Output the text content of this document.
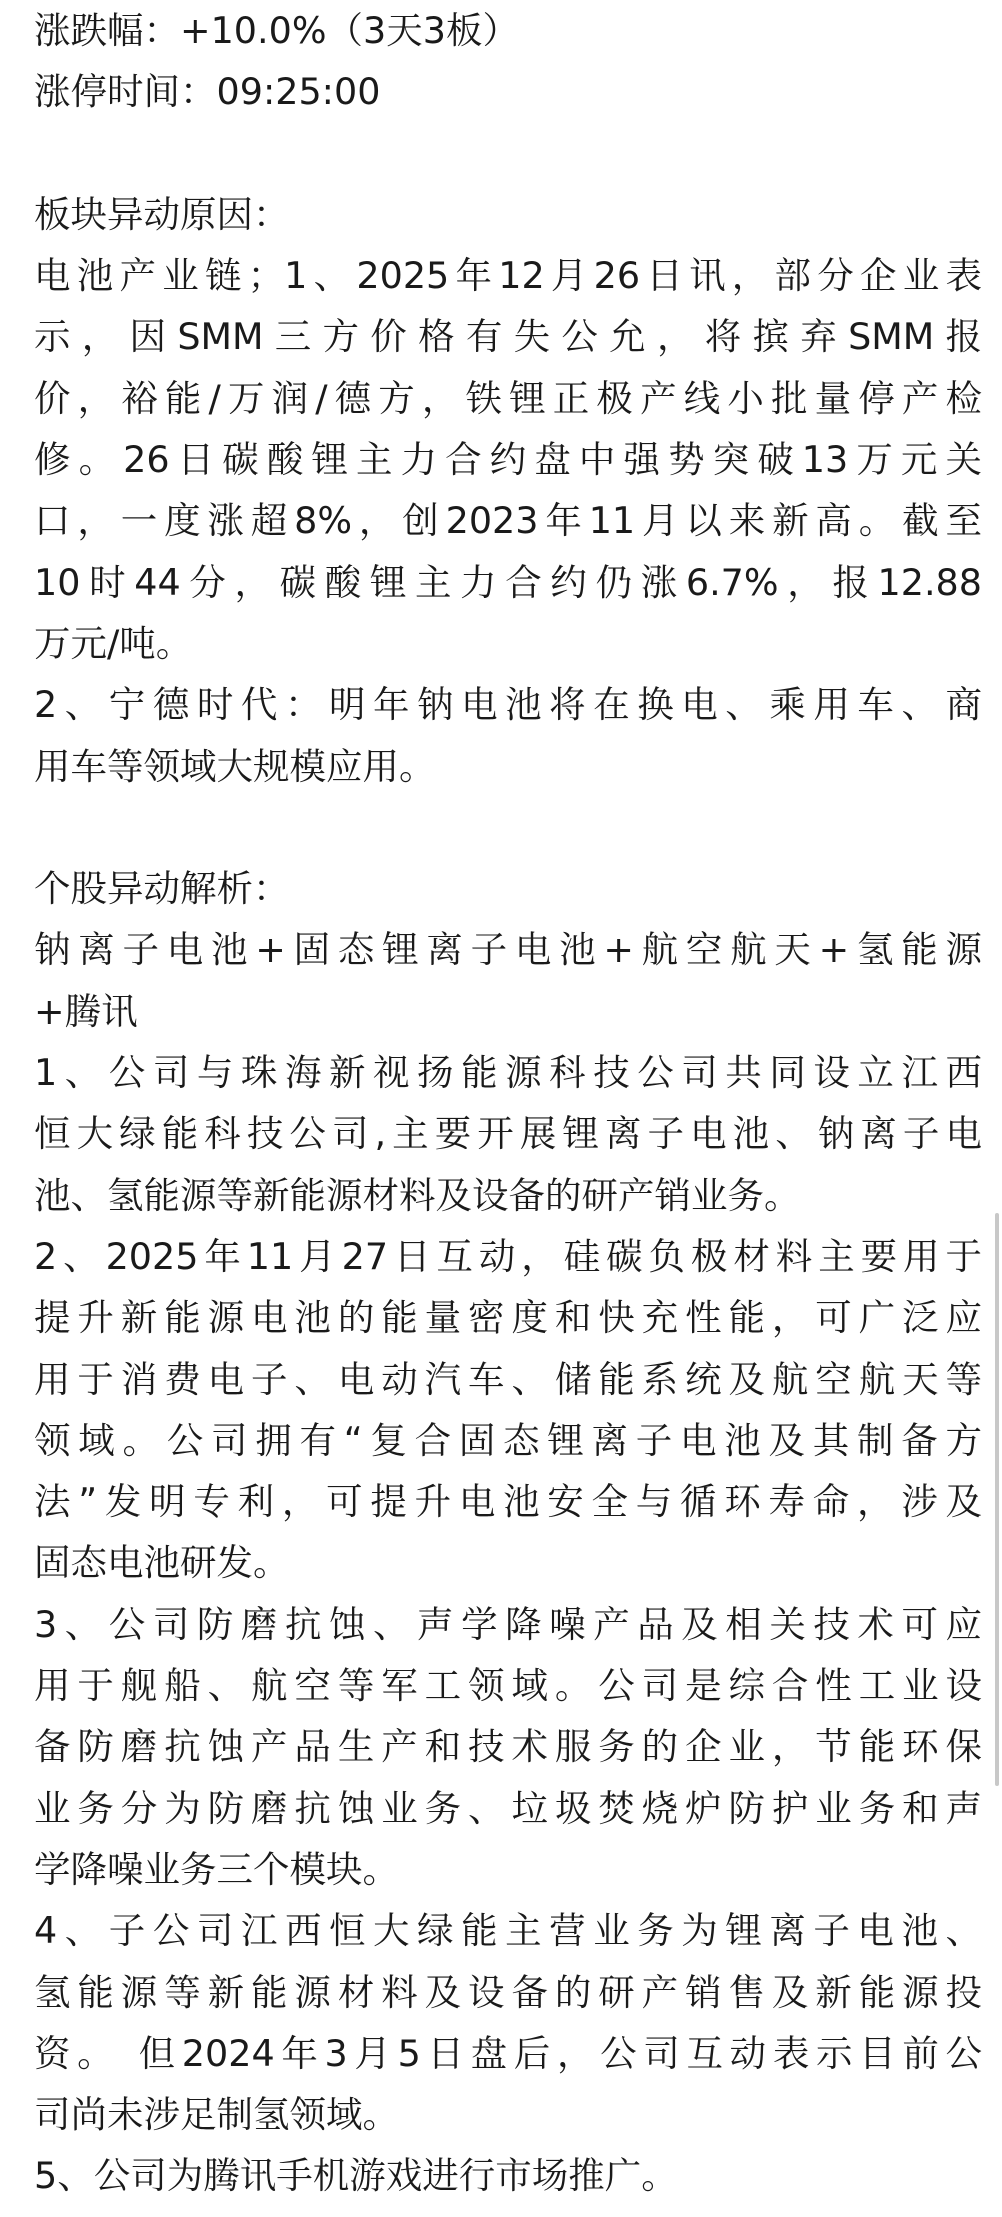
涨跌幅：+10.0%（3天3板）
涨停时间：09:25:00
板块异动原因：
电池产业链；1、2025年12月26日讯，部分企业表
示，因SMM三方价格有失公允，将摈弃SMM报
价，裕能/万润/德方，铁锂正极产线小批量停产检
修。26日碳酸锂主力合约盘中强势突破13万元关
口，一度涨超8%，创2023年11月以来新高。截至
10时44分，碳酸锂主力合约仍涨6.7%，报12.88
万元/吨。
2、宁德时代：明年钠电池将在换电、乘用车、商
用车等领域大规模应用。
个股异动解析：
钠离子电池+固态锂离子电池+航空航天+氢能源
+腾讯
1、公司与珠海新视扬能源科技公司共同设立江西
恒大绿能科技公司,主要开展锂离子电池、钠离子电
池、氢能源等新能源材料及设备的研产销业务。
2、2025年11月27日互动，硅碳负极材料主要用于
提升新能源电池的能量密度和快充性能，可广泛应
用于消费电子、电动汽车、储能系统及航空航天等
领域。公司拥有“复合固态锂离子电池及其制备方
法”发明专利，可提升电池安全与循环寿命，涉及
固态电池研发。
3、公司防磨抗蚀、声学降噪产品及相关技术可应
用于舰船、航空等军工领域。公司是综合性工业设
备防磨抗蚀产品生产和技术服务的企业，节能环保
业务分为防磨抗蚀业务、垃圾焚烧炉防护业务和声
学降噪业务三个模块。
4、子公司江西恒大绿能主营业务为锂离子电池、
氢能源等新能源材料及设备的研产销售及新能源投
资。 但2024年3月5日盘后，公司互动表示目前公
司尚未涉足制氢领域。
5、公司为腾讯手机游戏进行市场推广。
